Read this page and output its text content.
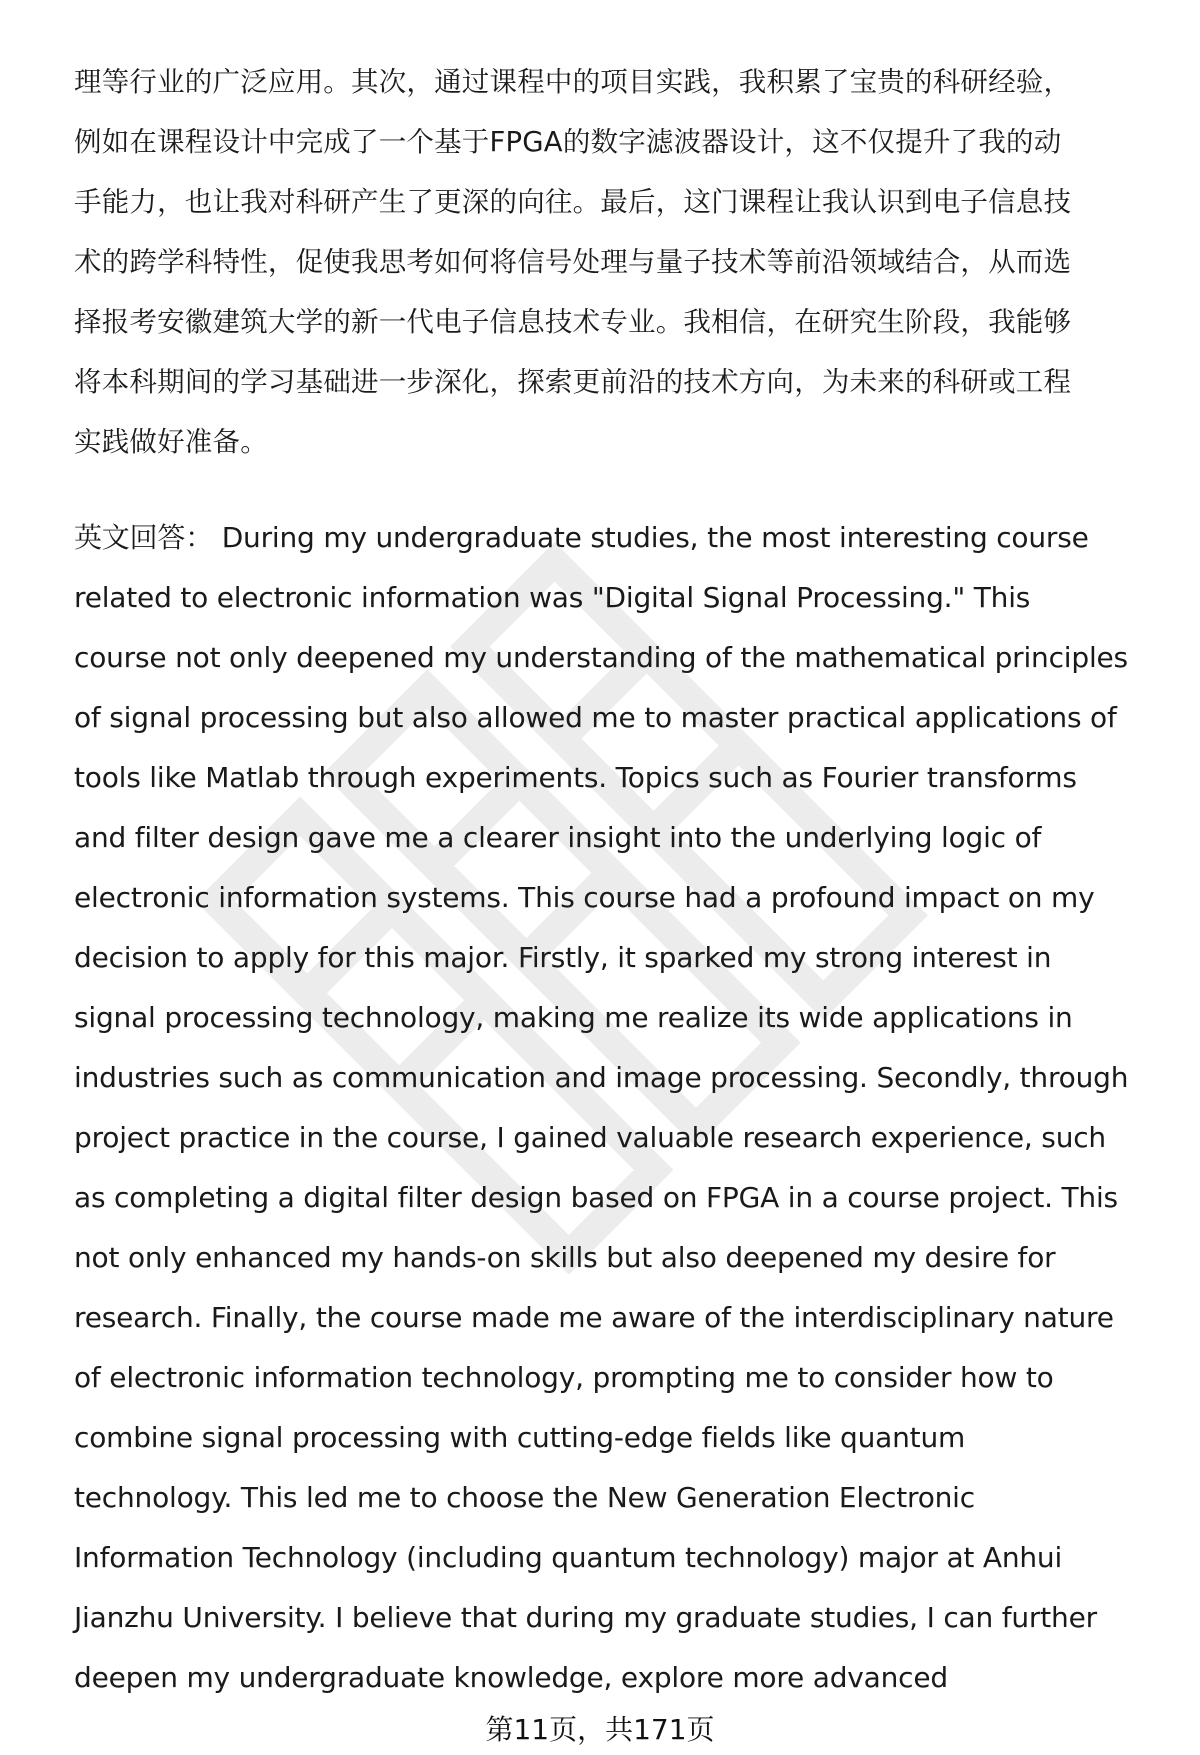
理等行业的广泛应用。其次，通过课程中的项目实践，我积累了宝贵的科研经验，
例如在课程设计中完成了一个基于FPGA的数字滤波器设计，这不仅提升了我的动
手能力，也让我对科研产生了更深的向往。最后，这门课程让我认识到电子信息技
术的跨学科特性，促使我思考如何将信号处理与量子技术等前沿领域结合，从而选
择报考安徽建筑大学的新一代电子信息技术专业。我相信，在研究生阶段，我能够
将本科期间的学习基础进一步深化，探索更前沿的技术方向，为未来的科研或工程
实践做好准备。
英文回答： During my undergraduate studies, the most interesting course
related to electronic information was "Digital Signal Processing." This
course not only deepened my understanding of the mathematical principles
of signal processing but also allowed me to master practical applications of
tools like Matlab through experiments. Topics such as Fourier transforms
and filter design gave me a clearer insight into the underlying logic of
electronic information systems. This course had a profound impact on my
decision to apply for this major. Firstly, it sparked my strong interest in
signal processing technology, making me realize its wide applications in
industries such as communication and image processing. Secondly, through
project practice in the course, I gained valuable research experience, such
as completing a digital filter design based on FPGA in a course project. This
not only enhanced my hands-on skills but also deepened my desire for
research. Finally, the course made me aware of the interdisciplinary nature
of electronic information technology, prompting me to consider how to
combine signal processing with cutting-edge fields like quantum
technology. This led me to choose the New Generation Electronic
Information Technology (including quantum technology) major at Anhui
Jianzhu University. I believe that during my graduate studies, I can further
deepen my undergraduate knowledge, explore more advanced
第11页，共171页
